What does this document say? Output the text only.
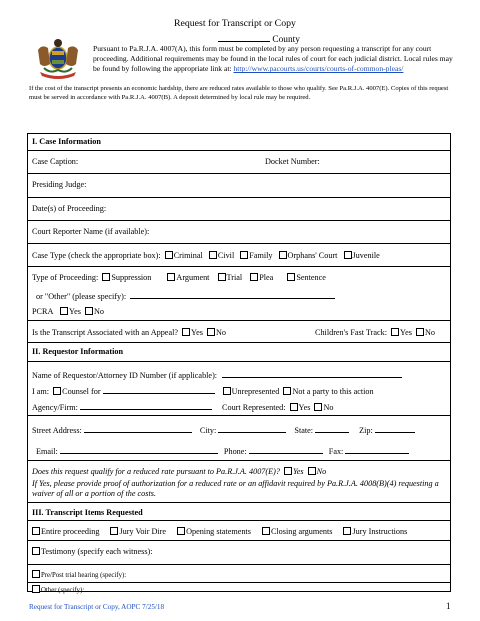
Request for Transcript or Copy
County
Pursuant to Pa.R.J.A. 4007(A), this form must be completed by any person requesting a transcript for any court proceeding. Additional requirements may be found in the local rules of court for each judicial district. Local rules may be found by following the appropriate link at: http://www.pacourts.us/courts/courts-of-common-pleas/
If the cost of the transcript presents an economic hardship, there are reduced rates available to those who qualify. See Pa.R.J.A. 4007(E). Copies of this request must be served in accordance with Pa.R.J.A. 4007(B). A deposit determined by local rule may be required.
I. Case Information
Case Caption:	Docket Number:
Presiding Judge:
Date(s) of Proceeding:
Court Reporter Name (if available):
Case Type (check the appropriate box): Criminal Civil Family Orphans' Court Juvenile
Type of Proceeding: Suppression	Argument Trial Plea	Sentence
or "Other" (please specify):
PCRA Yes No
Is the Transcript Associated with an Appeal? Yes No	Children's Fast Track: Yes No
II. Requestor Information
Name of Requestor/Attorney ID Number (if applicable):
I am: Counsel for	Unrepresented Not a party to this action
Agency/Firm:	Court Represented: Yes No
Street Address:	City:	State:	Zip:
Email:	Phone:	Fax:
Does this request qualify for a reduced rate pursuant to Pa.R.J.A. 4007(E)? Yes No
If Yes, please provide proof of authorization for a reduced rate or an affidavit required by Pa.R.J.A. 4008(B)(4) requesting a waiver of all or a portion of the costs.
III. Transcript Items Requested
Entire proceeding Jury Voir Dire Opening statements Closing arguments Jury Instructions
Testimony (specify each witness):
Pre/Post trial hearing (specify):
Other (specify):
Request for Transcript or Copy, AOPC 7/25/18	1
